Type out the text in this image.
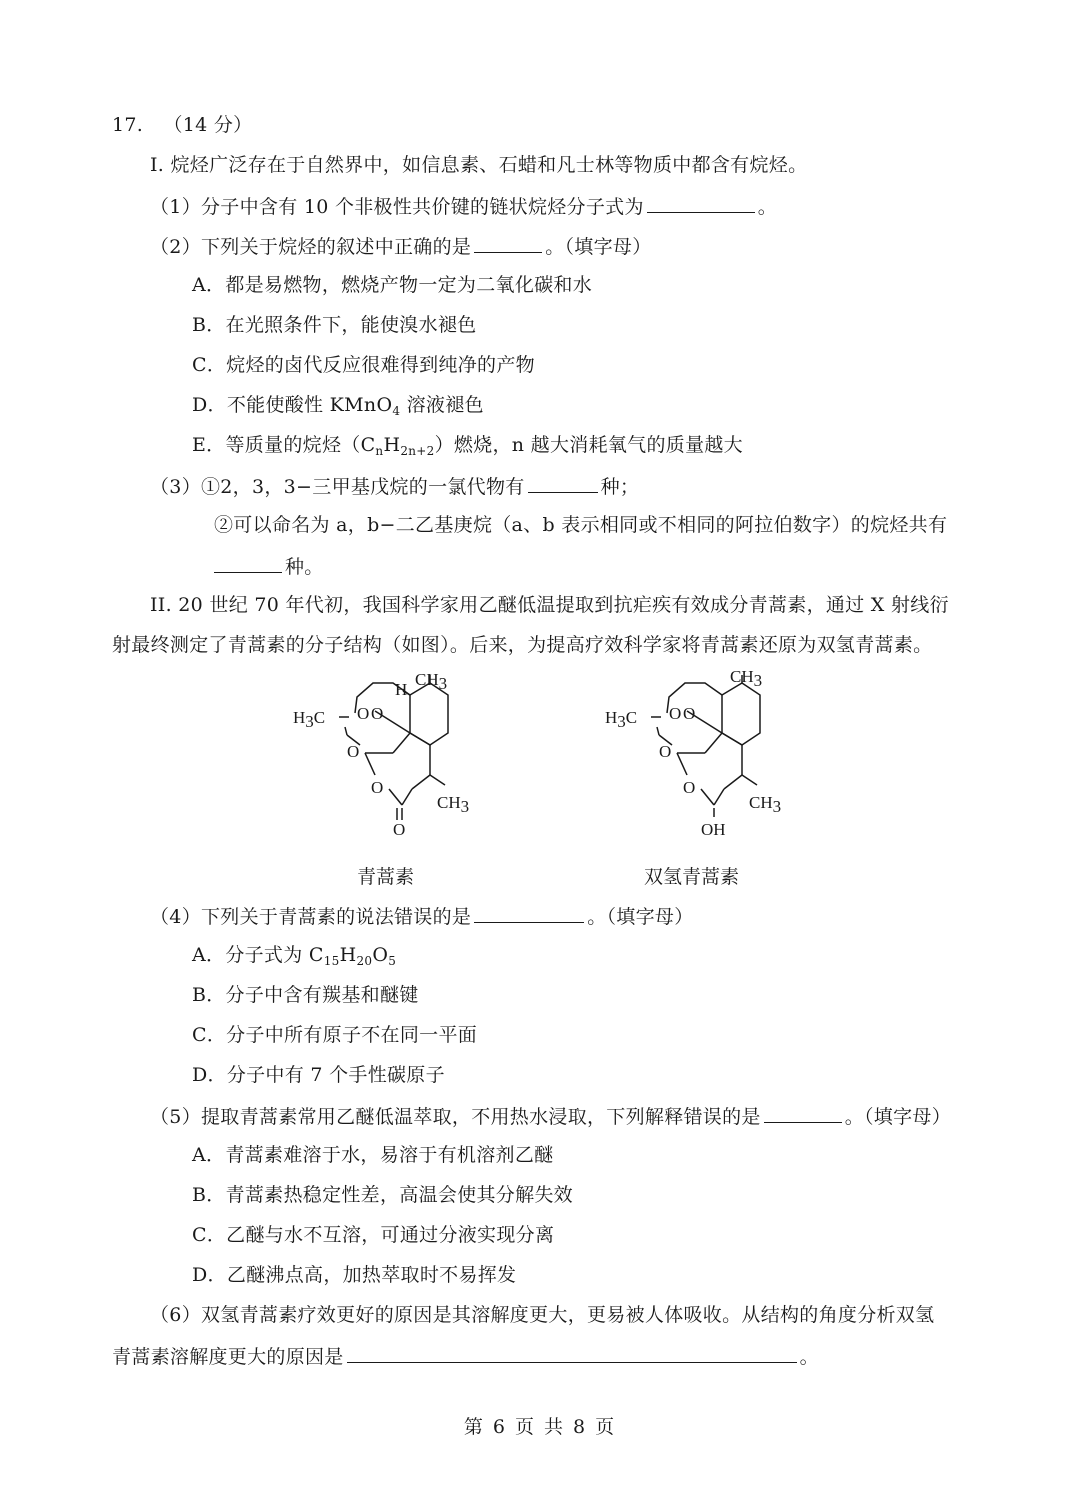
17. （14 分）
I. 烷烃广泛存在于自然界中，如信息素、石蜡和凡士林等物质中都含有烷烃。
（1）分子中含有 10 个非极性共价键的链状烷烃分子式为	。
（2）下列关于烷烃的叙述中正确的是	。（填字母）
A．都是易燃物，燃烧产物一定为二氧化碳和水
B．在光照条件下，能使溴水褪色
C．烷烃的卤代反应很难得到纯净的产物
D．不能使酸性 KMnO$_4$ 溶液褪色
E．等质量的烷烃$(C_nH_{2n+2})$燃烧，n 越大消耗氧气的质量越大
（3）①2，3，3−三甲基戊烷的一氯代物有	种；
②可以命名为 a，b−二乙基庚烷（a、b 表示相同或不相同的阿拉伯数字）的烷烃共有
种。
II. 20 世纪 70 年代初，我国科学家用乙醚低温提取到抗疟疾有效成分青蒿素，通过 X 射线衍
射最终测定了青蒿素的分子结构（如图）。后来，为提高疗效科学家将青蒿素还原为双氢青蒿素。
H3C O O
O
O
O
H
CH3
CH3
H3C O O
O
O
OH
CH3
CH3
青蒿素	双氢青蒿素
（4）下列关于青蒿素的说法错误的是	。（填字母）
A．分子式为 $C_{15}H_{20}O_5$
B．分子中含有羰基和醚键
C．分子中所有原子不在同一平面
D．分子中有 7 个手性碳原子
（5）提取青蒿素常用乙醚低温萃取，不用热水浸取，下列解释错误的是	。（填字母）
A．青蒿素难溶于水，易溶于有机溶剂乙醚
B．青蒿素热稳定性差，高温会使其分解失效
C．乙醚与水不互溶，可通过分液实现分离
D．乙醚沸点高，加热萃取时不易挥发
（6）双氢青蒿素疗效更好的原因是其溶解度更大，更易被人体吸收。从结构的角度分析双氢
青蒿素溶解度更大的原因是	。
第 6 页 共 8 页
